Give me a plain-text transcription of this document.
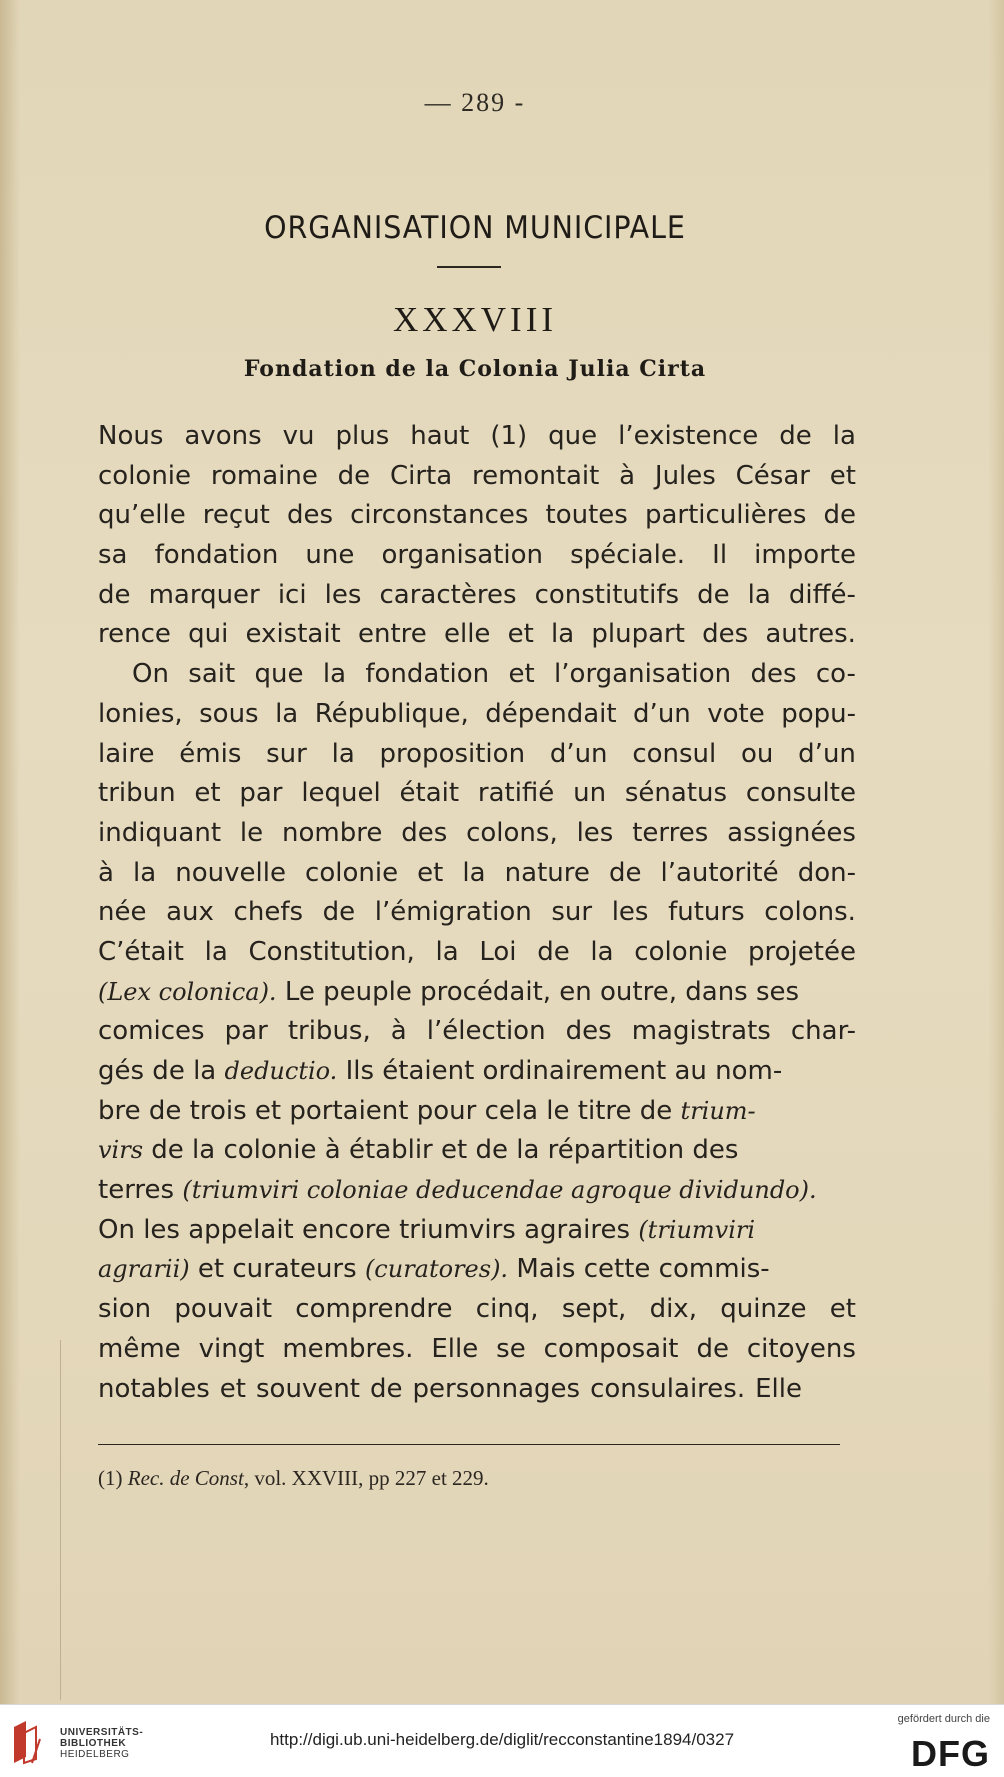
— 289 -
ORGANISATION MUNICIPALE
XXXVIII
Fondation de la Colonia Julia Cirta
Nous avons vu plus haut (1) que l’existence de la
colonie romaine de Cirta remontait à Jules César et
qu’elle reçut des circonstances toutes particulières de
sa fondation une organisation spéciale. Il importe
de marquer ici les caractères constitutifs de la diffé-
rence qui existait entre elle et la plupart des autres.
On sait que la fondation et l’organisation des co-
lonies, sous la République, dépendait d’un vote popu-
laire émis sur la proposition d’un consul ou d’un
tribun et par lequel était ratifié un sénatus consulte
indiquant le nombre des colons, les terres assignées
à la nouvelle colonie et la nature de l’autorité don-
née aux chefs de l’émigration sur les futurs colons.
C’était la Constitution, la Loi de la colonie projetée
(Lex colonica). Le peuple procédait, en outre, dans ses
comices par tribus, à l’élection des magistrats char-
gés de la deductio. Ils étaient ordinairement au nom-
bre de trois et portaient pour cela le titre de trium-
virs de la colonie à établir et de la répartition des
terres (triumviri coloniae deducendae agroque dividundo).
On les appelait encore triumvirs agraires (triumviri
agrarii) et curateurs (curatores). Mais cette commis-
sion pouvait comprendre cinq, sept, dix, quinze et
même vingt membres. Elle se composait de citoyens
notables et souvent de personnages consulaires. Elle
(1) Rec. de Const, vol. XXVIII, pp 227 et 229.
UNIVERSITÄTS-
BIBLIOTHEK
HEIDELBERG
http://digi.ub.uni-heidelberg.de/diglit/recconstantine1894/0327
gefördert durch die
DFG
